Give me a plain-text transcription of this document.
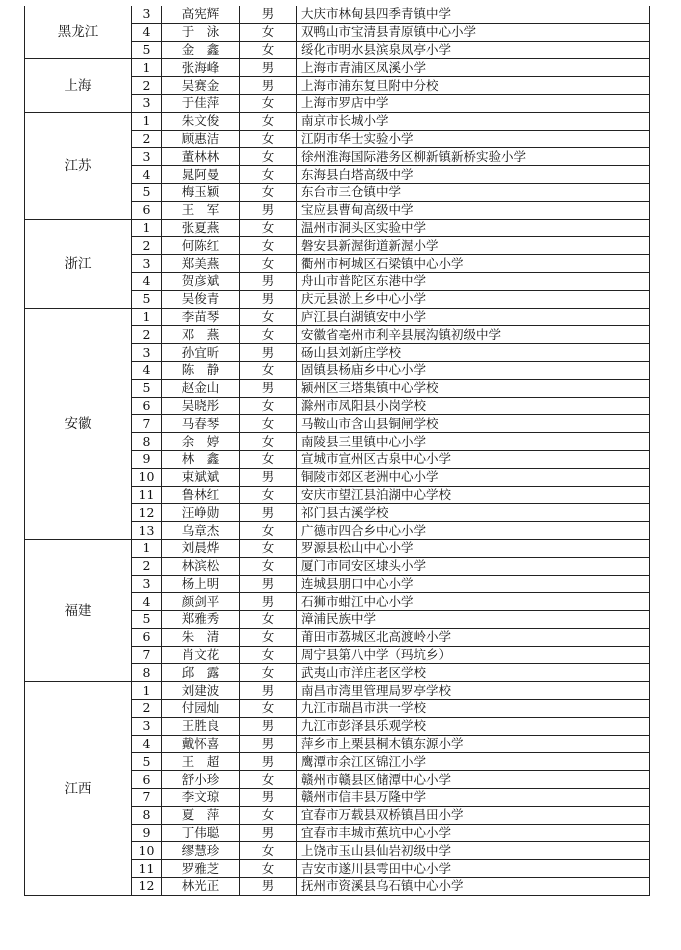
黑龙江	3	高宪辉	男	大庆市林甸县四季青镇中学
	4	于　泳	女	双鸭山市宝清县青原镇中心小学
	5	金　鑫	女	绥化市明水县滨泉凤亭小学
上海	1	张海峰	男	上海市青浦区凤溪小学
	2	吴赛金	男	上海市浦东复旦附中分校
	3	于佳萍	女	上海市罗店中学
江苏	1	朱文俊	女	南京市长城小学
	2	顾惠洁	女	江阴市华士实验小学
	3	董林林	女	徐州淮海国际港务区柳新镇新桥实验小学
	4	晁阿曼	女	东海县白塔高级中学
	5	梅玉颖	女	东台市三仓镇中学
	6	王　军	男	宝应县曹甸高级中学
浙江	1	张夏燕	女	温州市洞头区实验中学
	2	何陈红	女	磐安县新渥街道新渥小学
	3	郑美燕	女	衢州市柯城区石梁镇中心小学
	4	贺彦斌	男	舟山市普陀区东港中学
	5	吴俊青	男	庆元县淤上乡中心小学
安徽	1	李苗琴	女	庐江县白湖镇安中小学
	2	邓　燕	女	安徽省亳州市利辛县展沟镇初级中学
	3	孙宜昕	男	砀山县刘新庄学校
	4	陈　静	女	固镇县杨庙乡中心小学
	5	赵金山	男	颍州区三塔集镇中心学校
	6	吴晓彤	女	滁州市凤阳县小岗学校
	7	马春琴	女	马鞍山市含山县铜闸学校
	8	余　婷	女	南陵县三里镇中心小学
	9	林　鑫	女	宣城市宣州区古泉中心小学
	10	束斌斌	男	铜陵市郊区老洲中心小学
	11	鲁林红	女	安庆市望江县泊湖中心学校
	12	汪峥勋	男	祁门县古溪学校
	13	乌章杰	女	广德市四合乡中心小学
福建	1	刘晨烨	女	罗源县松山中心小学
	2	林滨松	女	厦门市同安区埭头小学
	3	杨上明	男	连城县朋口中心小学
	4	颜剑平	男	石狮市蚶江中心小学
	5	郑雅秀	女	漳浦民族中学
	6	朱　清	女	莆田市荔城区北高渡岭小学
	7	肖文花	女	周宁县第八中学（玛坑乡）
	8	邱　露	女	武夷山市洋庄老区学校
江西	1	刘建波	男	南昌市湾里管理局罗亭学校
	2	付园灿	女	九江市瑞昌市洪一学校
	3	王胜良	男	九江市彭泽县乐观学校
	4	戴怀喜	男	萍乡市上栗县桐木镇东源小学
	5	王　超	男	鹰潭市余江区锦江小学
	6	舒小珍	女	赣州市赣县区储潭中心小学
	7	李文琼	男	赣州市信丰县万隆中学
	8	夏　萍	女	宜春市万载县双桥镇昌田小学
	9	丁伟聪	男	宜春市丰城市蕉坑中心小学
	10	缪慧珍	女	上饶市玉山县仙岩初级中学
	11	罗雅芝	女	吉安市遂川县雩田中心小学
	12	林光正	男	抚州市资溪县乌石镇中心小学
